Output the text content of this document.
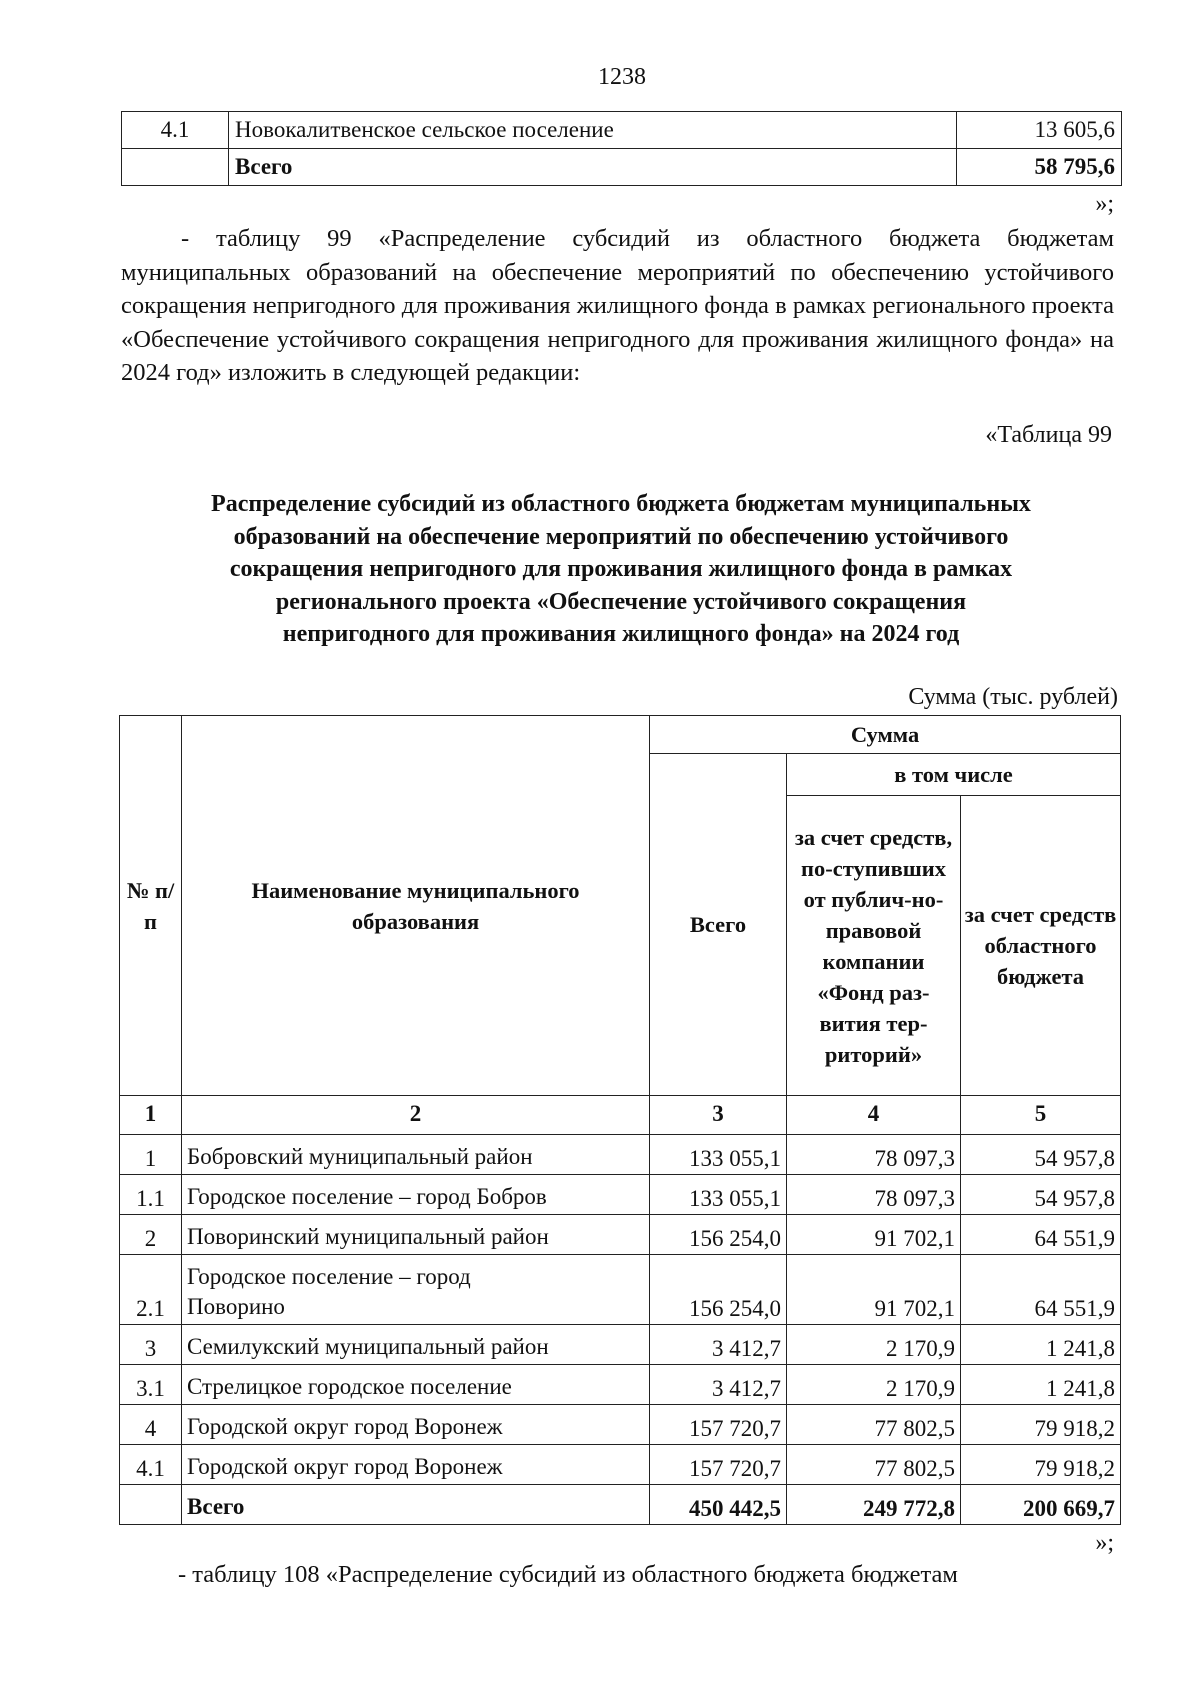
1238
4.1	Новокалитвенское сельское поселение	13 605,6
	Всего	58 795,6
»;

- таблицу 99 «Распределение субсидий из областного бюджета бюджетам муниципальных образований на обеспечение мероприятий по обеспечению устойчивого сокращения непригодного для проживания жилищного фонда в рамках регионального проекта «Обеспечение устойчивого сокращения непригодного для проживания жилищного фонда» на 2024 год» изложить в следующей редакции:

«Таблица 99
Распределение субсидий из областного бюджета бюджетам муниципальных
образований на обеспечение мероприятий по обеспечению устойчивого
сокращения непригодного для проживания жилищного фонда в рамках
регионального проекта «Обеспечение устойчивого сокращения
непригодного для проживания жилищного фонда» на 2024 год
Сумма (тыс. рублей)
№ п/п	Наименование муниципального образования	Сумма		
		Всего	в том числе	
			за счет средств, по-ступивших от публич-но-правовой компании «Фонд раз-вития тер-риторий»	за счет средств областного бюджета
1	2	3	4	5
1	Бобровский муниципальный район	133 055,1	78 097,3	54 957,8
1.1	Городское поселение – город Бобров	133 055,1	78 097,3	54 957,8
2	Поворинский муниципальный район	156 254,0	91 702,1	64 551,9
2.1	Городское поселение – город Поворино	156 254,0	91 702,1	64 551,9
3	Семилукский муниципальный район	3 412,7	2 170,9	1 241,8
3.1	Стрелицкое городское поселение	3 412,7	2 170,9	1 241,8
4	Городской округ город Воронеж	157 720,7	77 802,5	79 918,2
4.1	Городской округ город Воронеж	157 720,7	77 802,5	79 918,2
	Всего	450 442,5	249 772,8	200 669,7
»;
- таблицу 108 «Распределение субсидий из областного бюджета бюджетам
